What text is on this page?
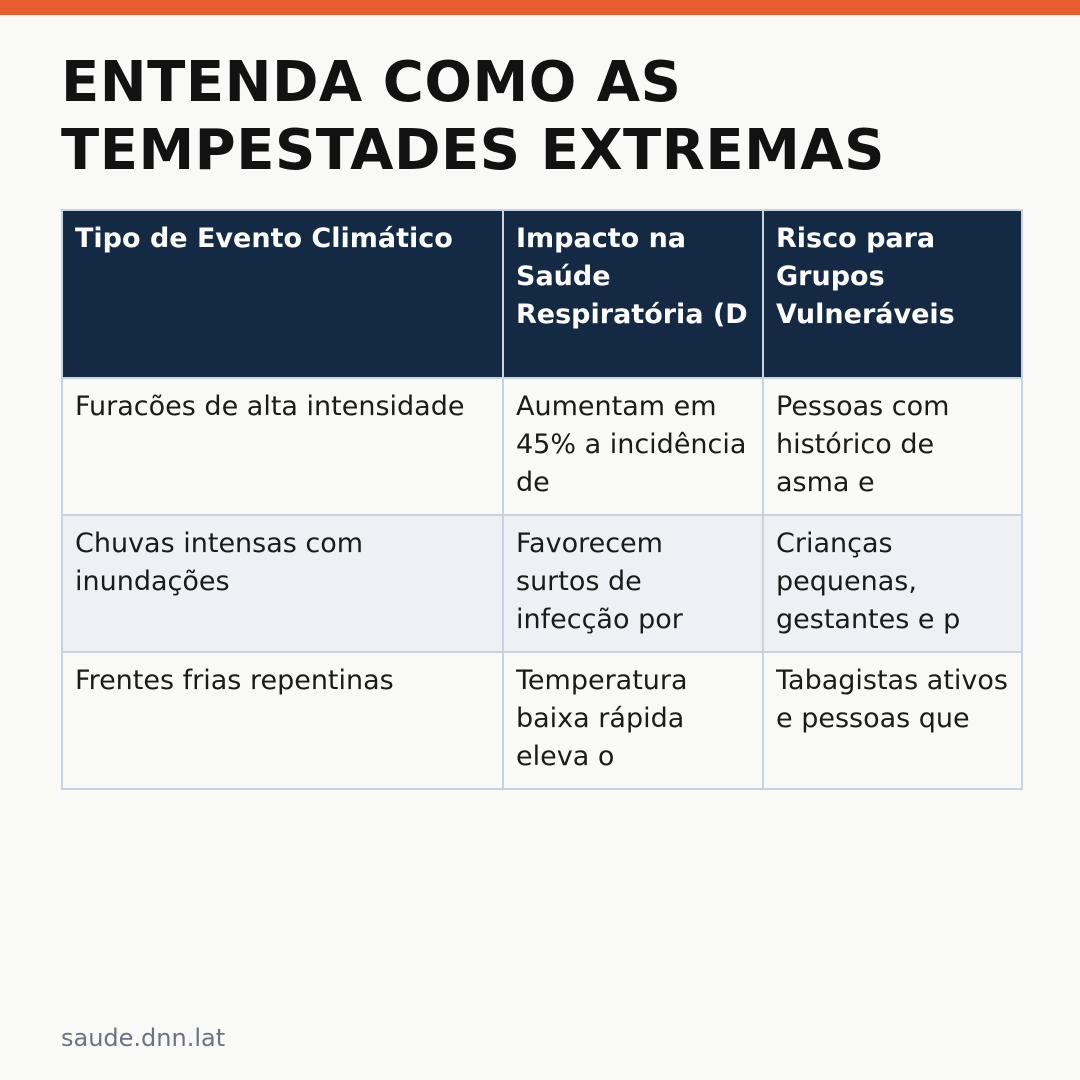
ENTENDA COMO AS
TEMPESTADES EXTREMAS
Tipo de Evento Climático	Impacto na Saúde Respiratória (D	Risco para Grupos Vulneráveis

Furacões de alta intensidade	Aumentam em 45% a incidência de	Pessoas com histórico de asma e

Chuvas intensas com inundações	Favorecem surtos de infecção por	Crianças pequenas, gestantes e p

Frentes frias repentinas	Temperatura baixa rápida eleva o	Tabagistas ativos e pessoas que
saude.dnn.lat
